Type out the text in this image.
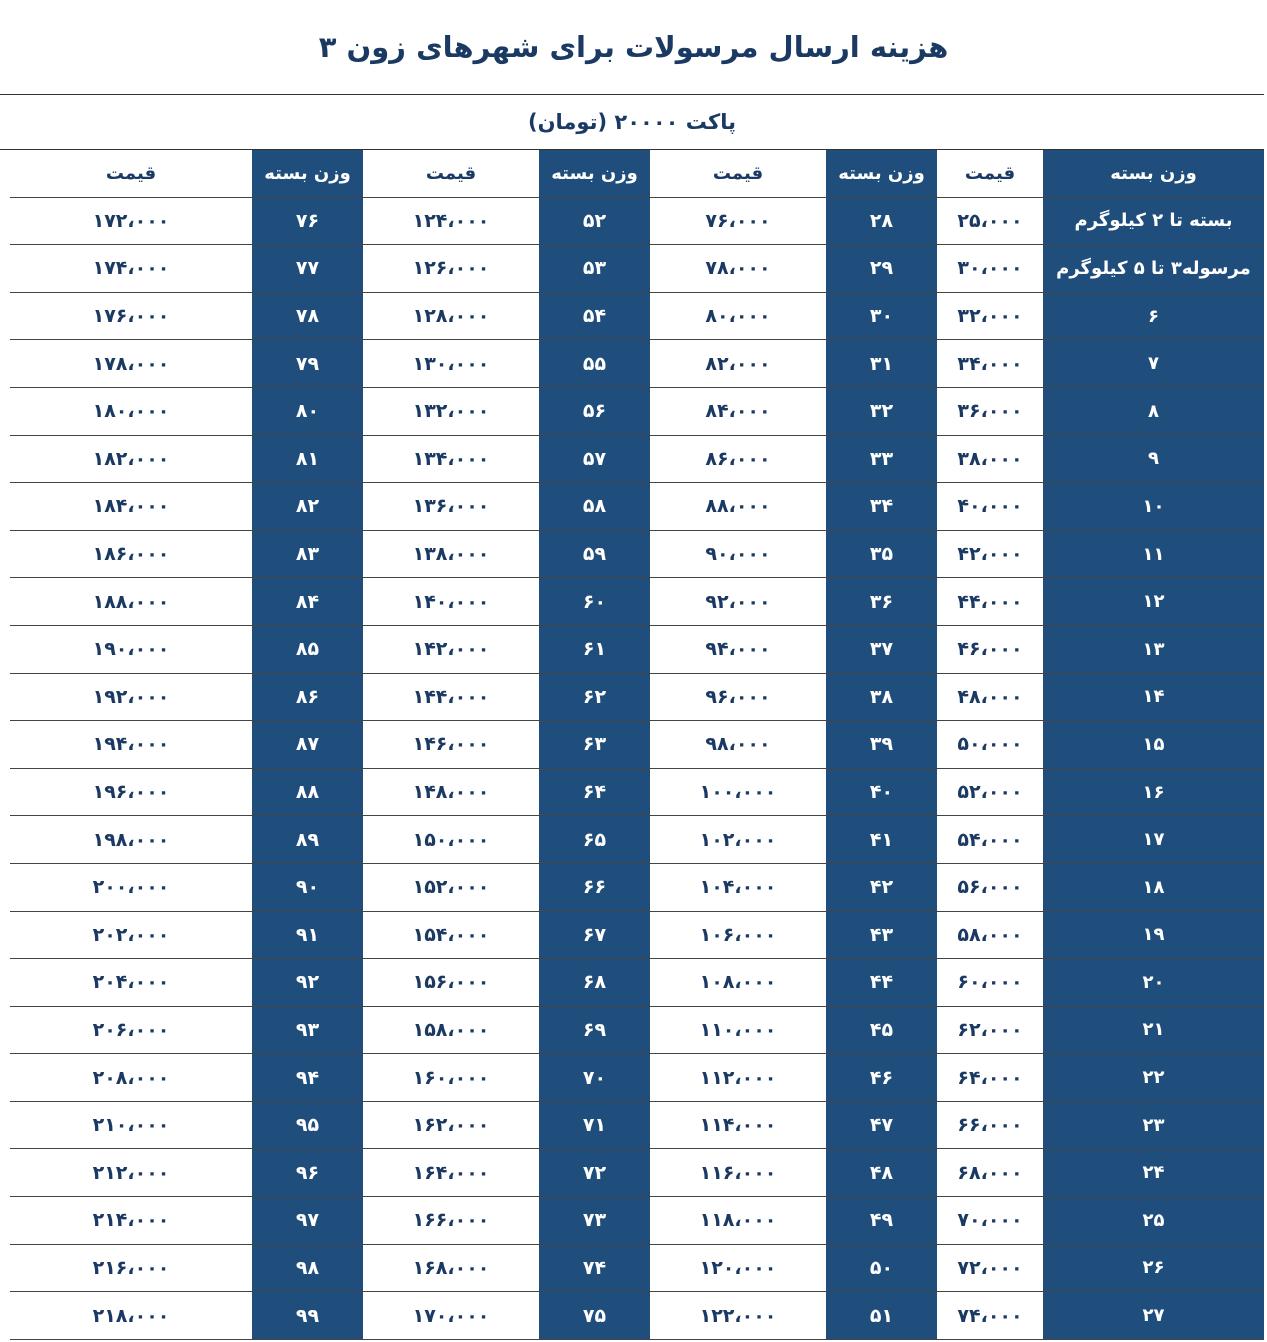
هزینه ارسال مرسولات برای شهرهای زون ۳
پاکت ۲۰۰۰۰ (تومان)
وزن بسته
قیمت
وزن بسته
قیمت
وزن بسته
قیمت
وزن بسته
قیمت
بسته تا ۲ کیلوگرم
۲۵،۰۰۰
۲۸
۷۶،۰۰۰
۵۲
۱۲۴،۰۰۰
۷۶
۱۷۲،۰۰۰
مرسوله۳ تا ۵ کیلوگرم
۳۰،۰۰۰
۲۹
۷۸،۰۰۰
۵۳
۱۲۶،۰۰۰
۷۷
۱۷۴،۰۰۰
۶
۳۲،۰۰۰
۳۰
۸۰،۰۰۰
۵۴
۱۲۸،۰۰۰
۷۸
۱۷۶،۰۰۰
۷
۳۴،۰۰۰
۳۱
۸۲،۰۰۰
۵۵
۱۳۰،۰۰۰
۷۹
۱۷۸،۰۰۰
۸
۳۶،۰۰۰
۳۲
۸۴،۰۰۰
۵۶
۱۳۲،۰۰۰
۸۰
۱۸۰،۰۰۰
۹
۳۸،۰۰۰
۳۳
۸۶،۰۰۰
۵۷
۱۳۴،۰۰۰
۸۱
۱۸۲،۰۰۰
۱۰
۴۰،۰۰۰
۳۴
۸۸،۰۰۰
۵۸
۱۳۶،۰۰۰
۸۲
۱۸۴،۰۰۰
۱۱
۴۲،۰۰۰
۳۵
۹۰،۰۰۰
۵۹
۱۳۸،۰۰۰
۸۳
۱۸۶،۰۰۰
۱۲
۴۴،۰۰۰
۳۶
۹۲،۰۰۰
۶۰
۱۴۰،۰۰۰
۸۴
۱۸۸،۰۰۰
۱۳
۴۶،۰۰۰
۳۷
۹۴،۰۰۰
۶۱
۱۴۲،۰۰۰
۸۵
۱۹۰،۰۰۰
۱۴
۴۸،۰۰۰
۳۸
۹۶،۰۰۰
۶۲
۱۴۴،۰۰۰
۸۶
۱۹۲،۰۰۰
۱۵
۵۰،۰۰۰
۳۹
۹۸،۰۰۰
۶۳
۱۴۶،۰۰۰
۸۷
۱۹۴،۰۰۰
۱۶
۵۲،۰۰۰
۴۰
۱۰۰،۰۰۰
۶۴
۱۴۸،۰۰۰
۸۸
۱۹۶،۰۰۰
۱۷
۵۴،۰۰۰
۴۱
۱۰۲،۰۰۰
۶۵
۱۵۰،۰۰۰
۸۹
۱۹۸،۰۰۰
۱۸
۵۶،۰۰۰
۴۲
۱۰۴،۰۰۰
۶۶
۱۵۲،۰۰۰
۹۰
۲۰۰،۰۰۰
۱۹
۵۸،۰۰۰
۴۳
۱۰۶،۰۰۰
۶۷
۱۵۴،۰۰۰
۹۱
۲۰۲،۰۰۰
۲۰
۶۰،۰۰۰
۴۴
۱۰۸،۰۰۰
۶۸
۱۵۶،۰۰۰
۹۲
۲۰۴،۰۰۰
۲۱
۶۲،۰۰۰
۴۵
۱۱۰،۰۰۰
۶۹
۱۵۸،۰۰۰
۹۳
۲۰۶،۰۰۰
۲۲
۶۴،۰۰۰
۴۶
۱۱۲،۰۰۰
۷۰
۱۶۰،۰۰۰
۹۴
۲۰۸،۰۰۰
۲۳
۶۶،۰۰۰
۴۷
۱۱۴،۰۰۰
۷۱
۱۶۲،۰۰۰
۹۵
۲۱۰،۰۰۰
۲۴
۶۸،۰۰۰
۴۸
۱۱۶،۰۰۰
۷۲
۱۶۴،۰۰۰
۹۶
۲۱۲،۰۰۰
۲۵
۷۰،۰۰۰
۴۹
۱۱۸،۰۰۰
۷۳
۱۶۶،۰۰۰
۹۷
۲۱۴،۰۰۰
۲۶
۷۲،۰۰۰
۵۰
۱۲۰،۰۰۰
۷۴
۱۶۸،۰۰۰
۹۸
۲۱۶،۰۰۰
۲۷
۷۴،۰۰۰
۵۱
۱۲۲،۰۰۰
۷۵
۱۷۰،۰۰۰
۹۹
۲۱۸،۰۰۰
